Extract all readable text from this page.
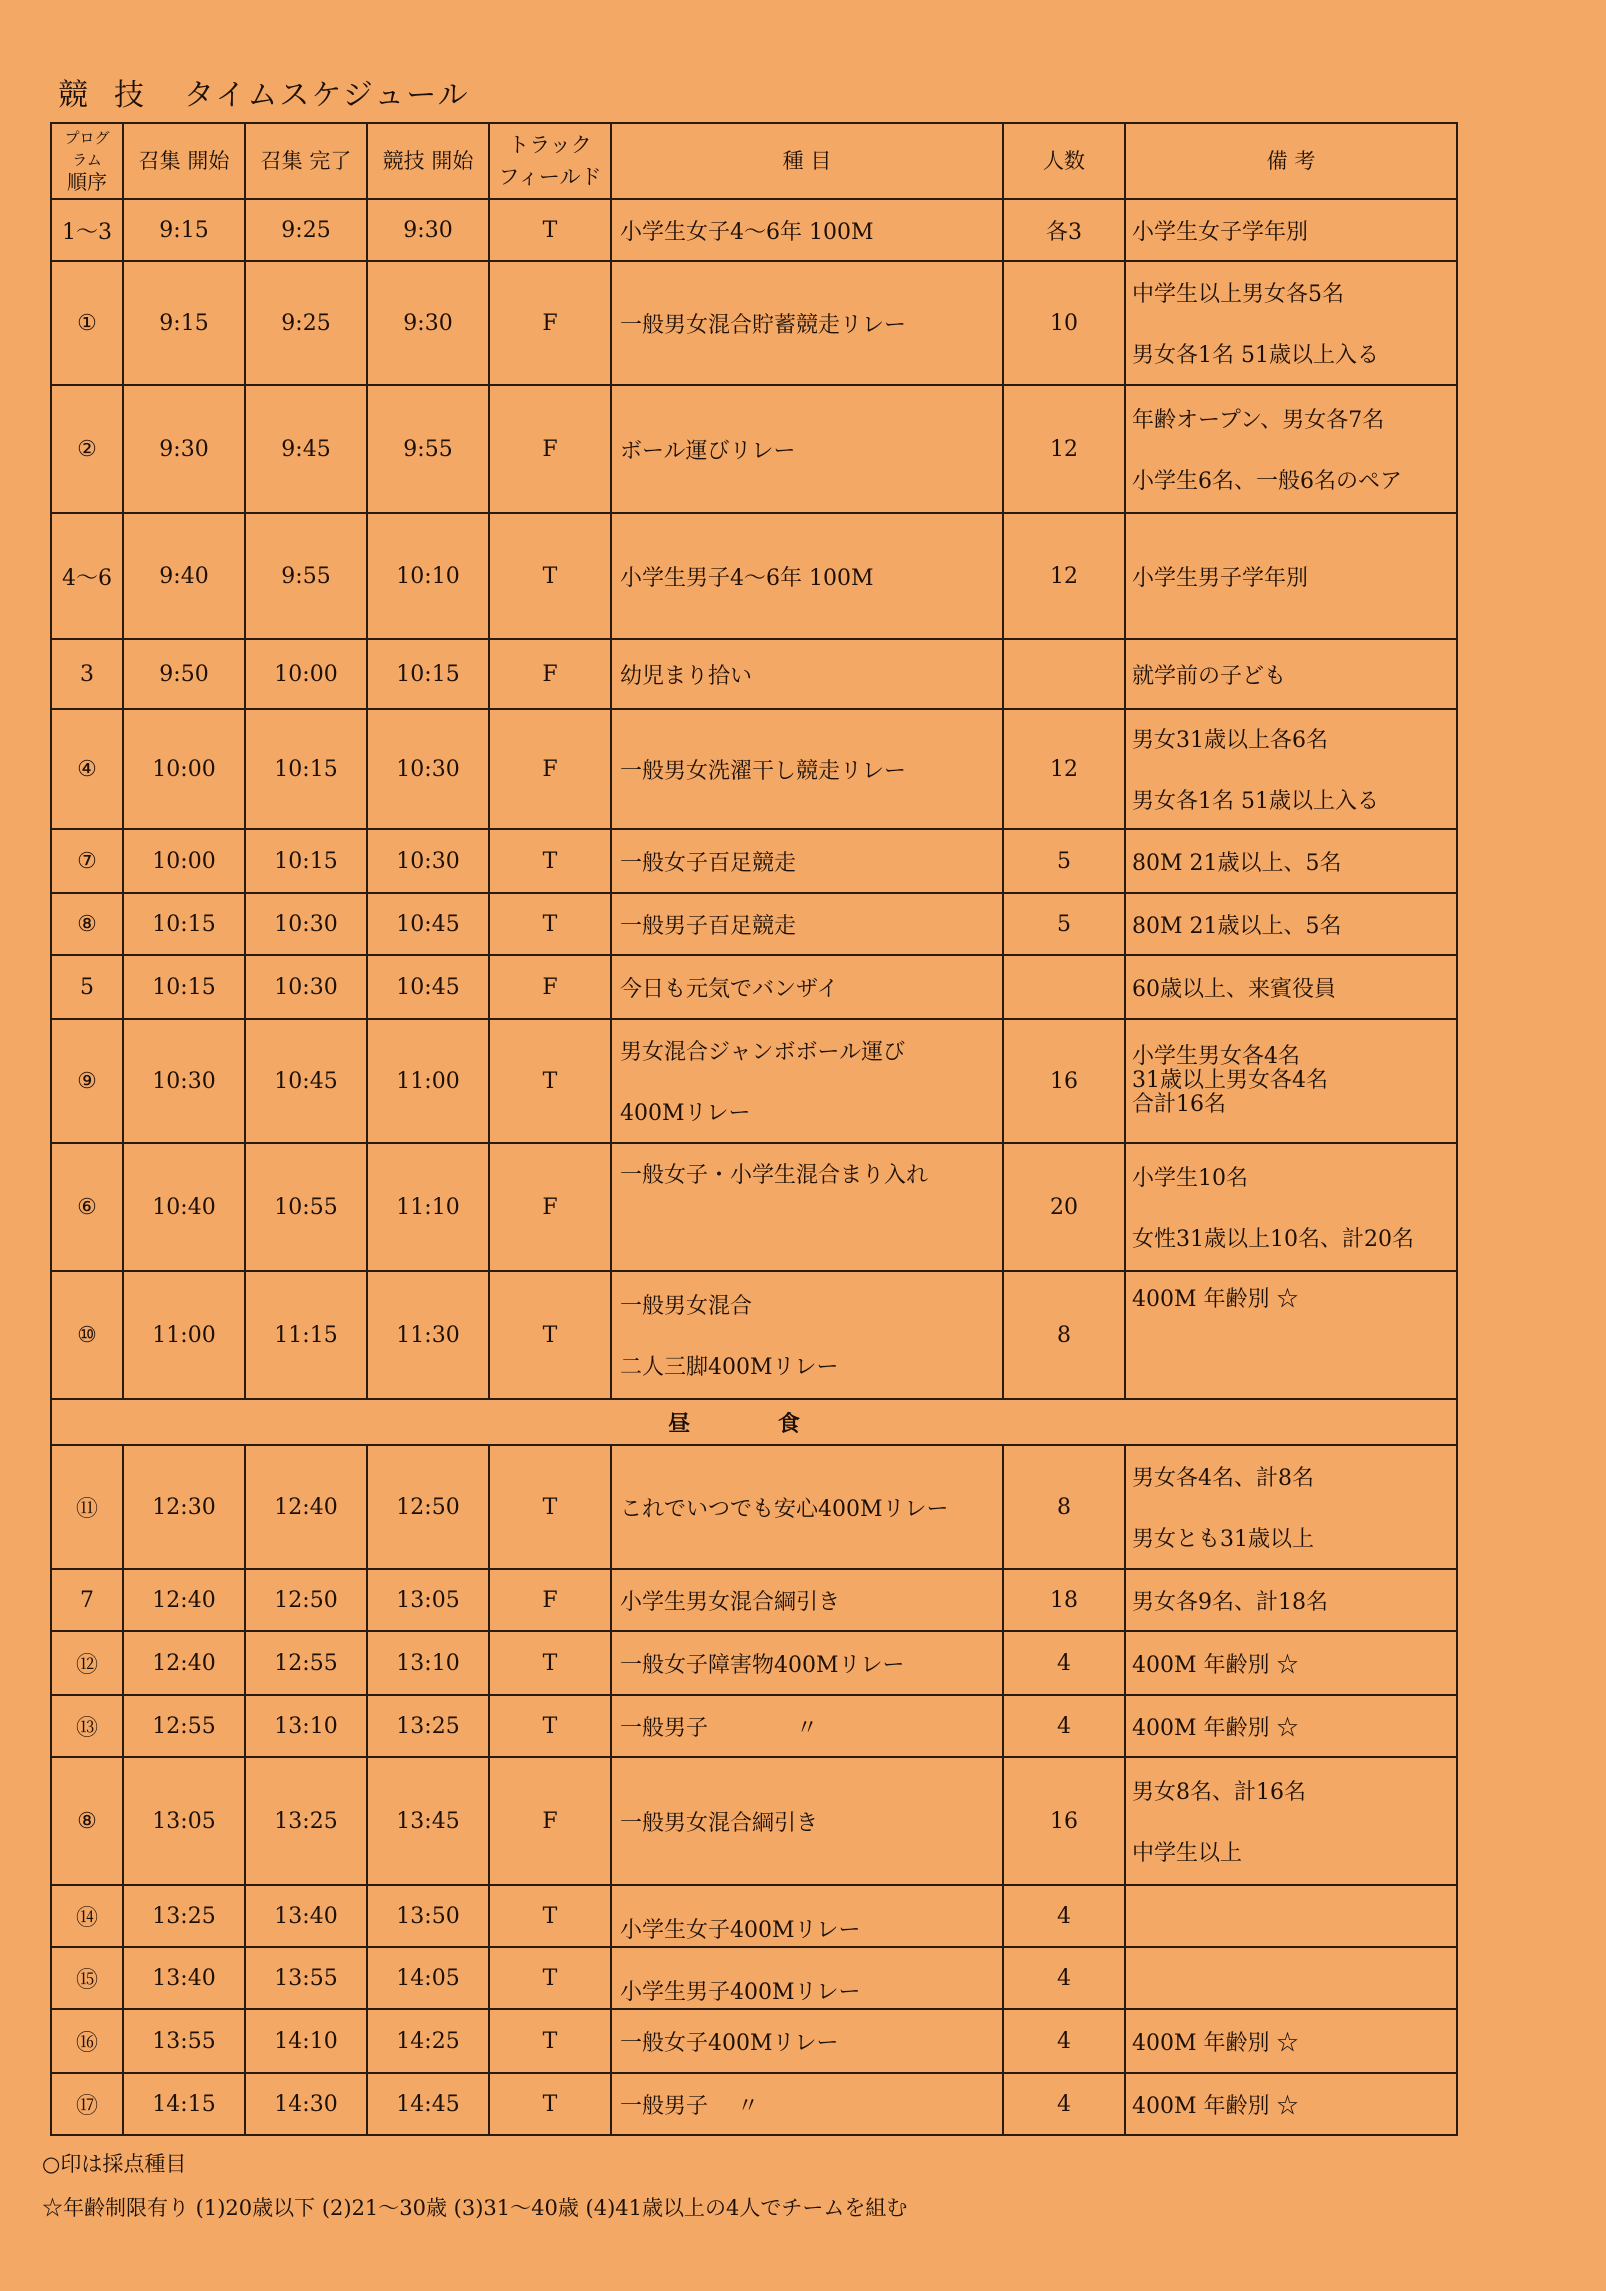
競技 タイムスケジュール
プログラム
順序	召集 開始	召集 完了	競技 開始	トラック
フィールド	種 目	人数	備 考
1〜3	9:15	9:25	9:30	T	小学生女子4〜6年 100M	各3	小学生女子学年別
①	9:15	9:25	9:30	F	一般男女混合貯蓄競走リレー	10	中学生以上男女各5名
男女各1名 51歳以上入る

②	9:30	9:45	9:55	F	ボール運びリレー	12	年齢オープン、男女各7名
小学生6名、一般6名のペア

4〜6	9:40	9:55	10:10	T	小学生男子4〜6年 100M	12	小学生男子学年別
3	9:50	10:00	10:15	F	幼児まり拾い		就学前の子ども
④	10:00	10:15	10:30	F	一般男女洗濯干し競走リレー	12	男女31歳以上各6名
男女各1名 51歳以上入る

⑦	10:00	10:15	10:30	T	一般女子百足競走	5	80M 21歳以上、5名
⑧	10:15	10:30	10:45	T	一般男子百足競走	5	80M 21歳以上、5名
5	10:15	10:30	10:45	F	今日も元気でバンザイ		60歳以上、来賓役員
⑨	10:30	10:45	11:00	T	男女混合ジャンボボール運び
400Mリレー	16	小学生男女各4名
31歳以上男女各4名
合計16名

⑥	10:40	10:55	11:10	F	一般女子・小学生混合まり入れ	20	小学生10名
女性31歳以上10名、計20名

⑩	11:00	11:15	11:30	T	一般男女混合
二人三脚400Mリレー	8	400M 年齢別 ☆
昼 食							
⑪	12:30	12:40	12:50	T	これでいつでも安心400Mリレー	8	男女各4名、計8名
男女とも31歳以上

7	12:40	12:50	13:05	F	小学生男女混合綱引き	18	男女各9名、計18名
⑫	12:40	12:55	13:10	T	一般女子障害物400Mリレー	4	400M 年齢別 ☆
⑬	12:55	13:10	13:25	T	一般男子　　　　〃	4	400M 年齢別 ☆
⑧	13:05	13:25	13:45	F	一般男女混合綱引き	16	男女8名、計16名
中学生以上

⑭	13:25	13:40	13:50	T	小学生女子400Mリレー	4	
⑮	13:40	13:55	14:05	T	小学生男子400Mリレー	4	
⑯	13:55	14:10	14:25	T	一般女子400Mリレー	4	400M 年齢別 ☆
⑰	14:15	14:30	14:45	T	一般男子　 〃	4	400M 年齢別 ☆
○印は採点種目
☆年齢制限有り (1)20歳以下 (2)21〜30歳 (3)31〜40歳 (4)41歳以上の4人でチームを組む
